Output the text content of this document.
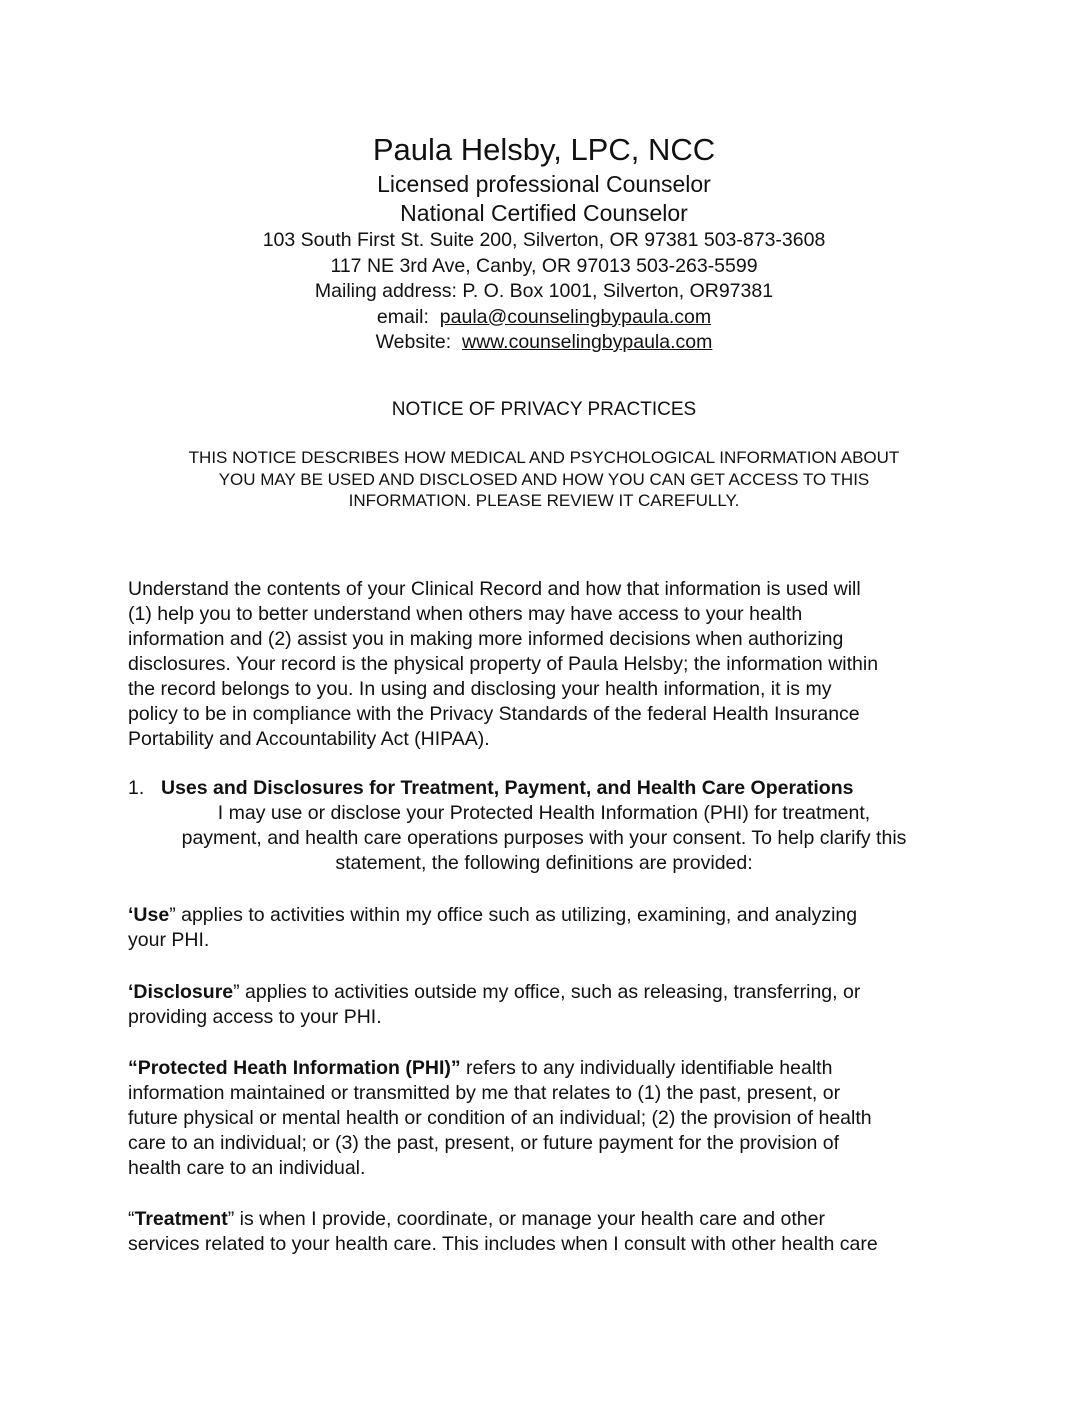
Paula Helsby, LPC, NCC
Licensed professional Counselor
National Certified Counselor
103 South First St. Suite 200, Silverton, OR 97381 503-873-3608
117 NE 3rd Ave, Canby, OR 97013 503-263-5599
Mailing address: P. O. Box 1001, Silverton, OR97381
email: paula@counselingbypaula.com
Website: www.counselingbypaula.com
NOTICE OF PRIVACY PRACTICES
THIS NOTICE DESCRIBES HOW MEDICAL AND PSYCHOLOGICAL INFORMATION ABOUT
YOU MAY BE USED AND DISCLOSED AND HOW YOU CAN GET ACCESS TO THIS
INFORMATION. PLEASE REVIEW IT CAREFULLY.
Understand the contents of your Clinical Record and how that information is used will
(1) help you to better understand when others may have access to your health
information and (2) assist you in making more informed decisions when authorizing
disclosures. Your record is the physical property of Paula Helsby; the information within
the record belongs to you. In using and disclosing your health information, it is my
policy to be in compliance with the Privacy Standards of the federal Health Insurance
Portability and Accountability Act (HIPAA).
1. Uses and Disclosures for Treatment, Payment, and Health Care Operations
I may use or disclose your Protected Health Information (PHI) for treatment,
payment, and health care operations purposes with your consent. To help clarify this
statement, the following definitions are provided:
‘Use” applies to activities within my office such as utilizing, examining, and analyzing
your PHI.
‘Disclosure” applies to activities outside my office, such as releasing, transferring, or
providing access to your PHI.
“Protected Heath Information (PHI)” refers to any individually identifiable health
information maintained or transmitted by me that relates to (1) the past, present, or
future physical or mental health or condition of an individual; (2) the provision of health
care to an individual; or (3) the past, present, or future payment for the provision of
health care to an individual.
“Treatment” is when I provide, coordinate, or manage your health care and other
services related to your health care. This includes when I consult with other health care
